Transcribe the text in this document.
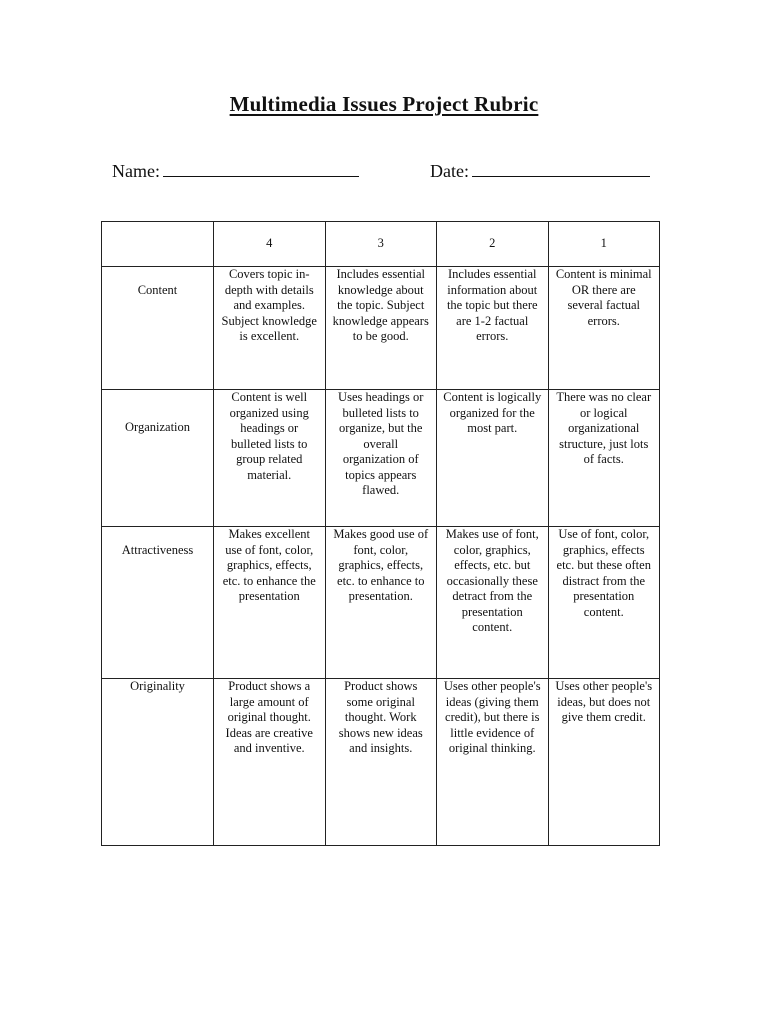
Multimedia Issues Project Rubric
Name:	Date:
	4	3	2	1

Content	Covers topic in-depth with details and examples. Subject knowledge is excellent.	Includes essential knowledge about the topic. Subject knowledge appears to be good.	Includes essential information about the topic but there are 1-2 factual errors.	Content is minimal OR there are several factual errors.

Organization	Content is well organized using headings or bulleted lists to group related material.	Uses headings or bulleted lists to organize, but the overall organization of topics appears flawed.	Content is logically organized for the most part.	There was no clear or logical organizational structure, just lots of facts.

Attractiveness	Makes excellent use of font, color, graphics, effects, etc. to enhance the presentation	Makes good use of font, color, graphics, effects, etc. to enhance to presentation.	Makes use of font, color, graphics, effects, etc. but occasionally these detract from the presentation content.	Use of font, color, graphics, effects etc. but these often distract from the presentation content.

Originality	Product shows a large amount of original thought. Ideas are creative and inventive.	Product shows some original thought. Work shows new ideas and insights.	Uses other people's ideas (giving them credit), but there is little evidence of original thinking.	Uses other people's ideas, but does not give them credit.
